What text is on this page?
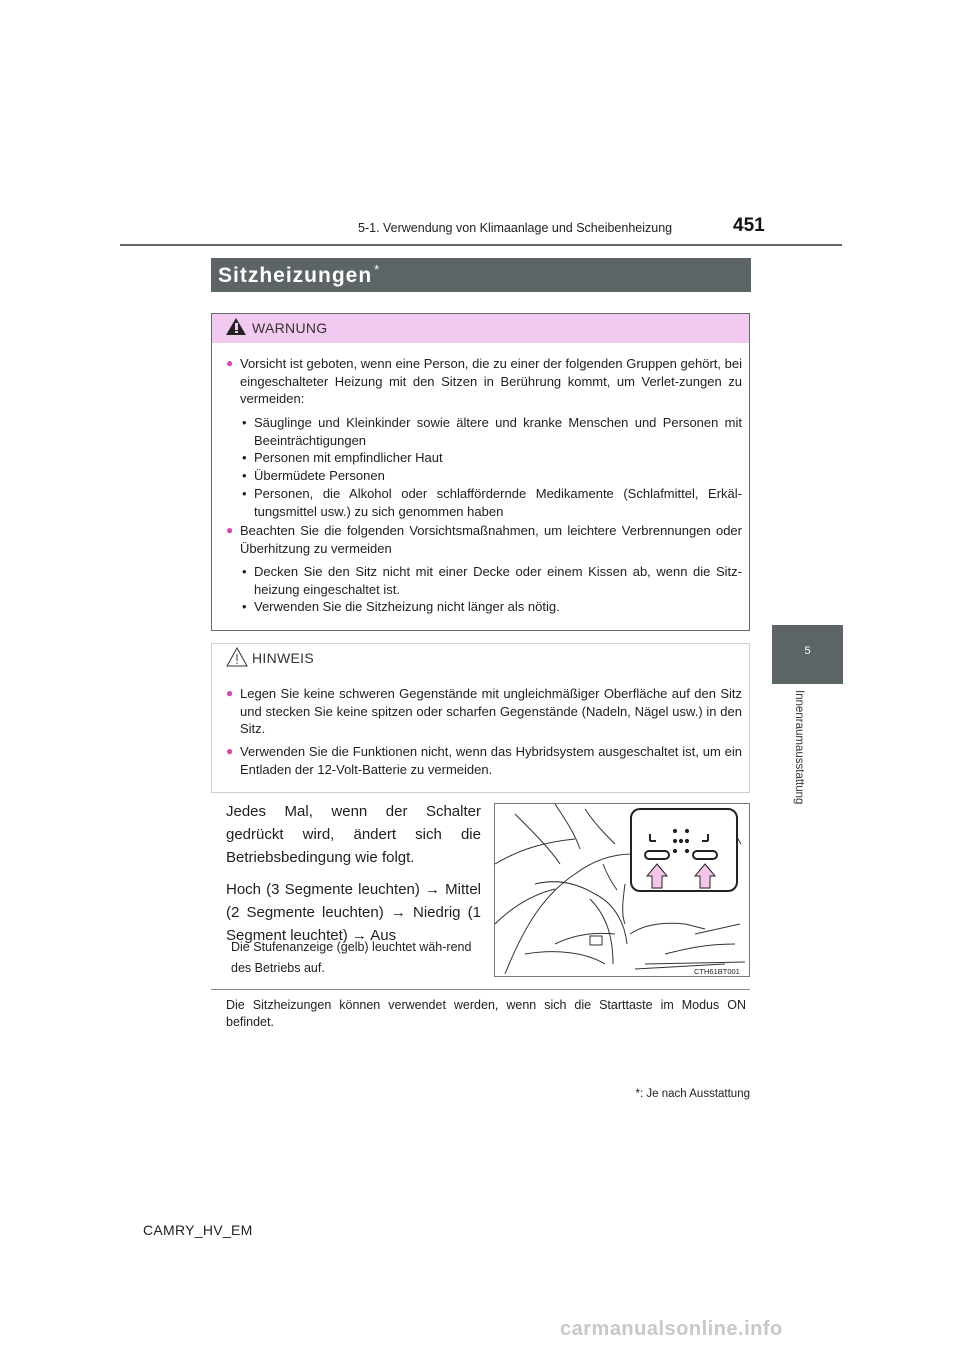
5-1. Verwendung von Klimaanlage und Scheibenheizung	451
5
Innenraumausstattung
Sitzheizungen *
WARNUNG
● Vorsicht ist geboten, wenn eine Person, die zu einer der folgenden Gruppen gehört, bei eingeschalteter Heizung mit den Sitzen in Berührung kommt, um Verlet-zungen zu vermeiden:
• Säuglinge und Kleinkinder sowie ältere und kranke Menschen und Personen mit Beeinträchtigungen
• Personen mit empfindlicher Haut
• Übermüdete Personen
• Personen, die Alkohol oder schlaffördernde Medikamente (Schlafmittel, Erkäl-tungsmittel usw.) zu sich genommen haben
● Beachten Sie die folgenden Vorsichtsmaßnahmen, um leichtere Verbrennungen oder Überhitzung zu vermeiden
• Decken Sie den Sitz nicht mit einer Decke oder einem Kissen ab, wenn die Sitz-heizung eingeschaltet ist.
• Verwenden Sie die Sitzheizung nicht länger als nötig.
HINWEIS
● Legen Sie keine schweren Gegenstände mit ungleichmäßiger Oberfläche auf den Sitz und stecken Sie keine spitzen oder scharfen Gegenstände (Nadeln, Nägel usw.) in den Sitz.
● Verwenden Sie die Funktionen nicht, wenn das Hybridsystem ausgeschaltet ist, um ein Entladen der 12-Volt-Batterie zu vermeiden.

Jedes Mal, wenn der Schalter gedrückt wird, ändert sich die Betriebsbedingung wie folgt.

Hoch (3 Segmente leuchten) → Mittel (2 Segmente leuchten) → Niedrig (1 Segment leuchtet) → Aus

Die Stufenanzeige (gelb) leuchtet wäh-rend des Betriebs auf.	CTH61BT001
Die Sitzheizungen können verwendet werden, wenn sich die Starttaste im Modus ON befindet.
*: Je nach Ausstattung
CAMRY_HV_EM
carmanualsonline.info
